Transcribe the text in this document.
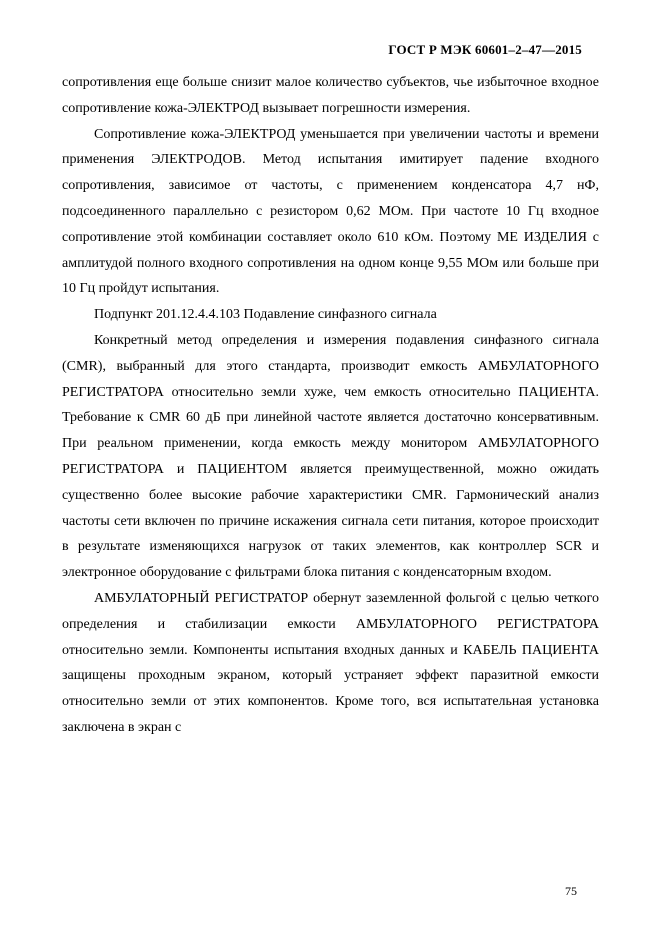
ГОСТ Р МЭК 60601–2–47—2015

сопротивления еще больше снизит малое количество субъектов, чье избыточное входное сопротивление кожа-ЭЛЕКТРОД вызывает погрешности измерения.

Сопротивление кожа-ЭЛЕКТРОД уменьшается при увеличении частоты и времени применения ЭЛЕКТРОДОВ. Метод испытания имитирует падение входного сопротивления, зависимое от частоты, с применением конденсатора 4,7 нФ, подсоединенного параллельно с резистором 0,62 МОм. При частоте 10 Гц входное сопротивление этой комбинации составляет около 610 кОм. Поэтому МЕ ИЗДЕЛИЯ с амплитудой полного входного сопротивления на одном конце 9,55 МОм или больше при 10 Гц пройдут испытания.

Подпункт 201.12.4.4.103 Подавление синфазного сигнала

Конкретный метод определения и измерения подавления синфазного сигнала (CMR), выбранный для этого стандарта, производит емкость АМБУЛАТОРНОГО РЕГИСТРАТОРА относительно земли хуже, чем емкость относительно ПАЦИЕНТА. Требование к CMR 60 дБ при линейной частоте является достаточно консервативным. При реальном применении, когда емкость между монитором АМБУЛАТОРНОГО РЕГИСТРАТОРА и ПАЦИЕНТОМ является преимущественной, можно ожидать существенно более высокие рабочие характеристики CMR. Гармонический анализ частоты сети включен по причине искажения сигнала сети питания, которое происходит в результате изменяющихся нагрузок от таких элементов, как контроллер SCR и электронное оборудование с фильтрами блока питания с конденсаторным входом.

АМБУЛАТОРНЫЙ РЕГИСТРАТОР обернут заземленной фольгой с целью четкого определения и стабилизации емкости АМБУЛАТОРНОГО РЕГИСТРАТОРА относительно земли. Компоненты испытания входных данных и КАБЕЛЬ ПАЦИЕНТА защищены проходным экраном, который устраняет эффект паразитной емкости относительно земли от этих компонентов. Кроме того, вся испытательная установка заключена в экран с

75
